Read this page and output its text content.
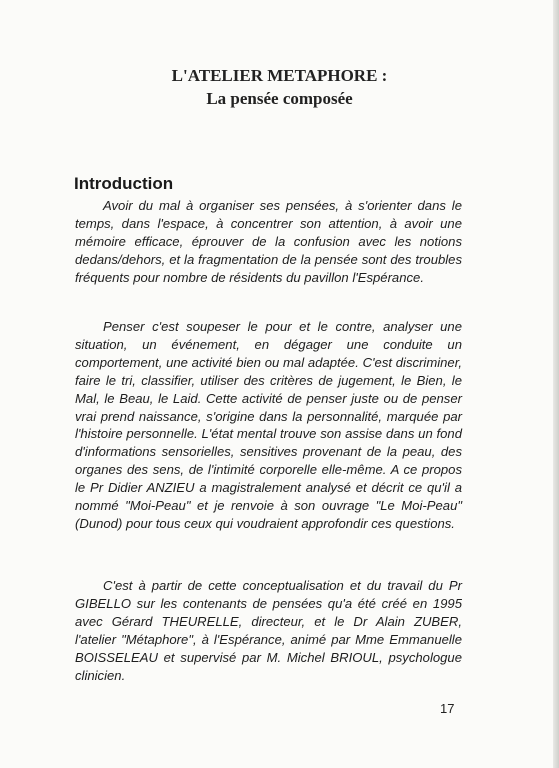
L'ATELIER METAPHORE :
La pensée composée
Introduction

Avoir du mal à organiser ses pensées, à s'orienter dans le temps, dans l'espace, à concentrer son attention, à avoir une mémoire efficace, éprouver de la confusion avec les notions dedans/dehors, et la fragmentation de la pensée sont des troubles fréquents pour nombre de résidents du pavillon l'Espérance.

Penser c'est soupeser le pour et le contre, analyser une situation, un événement, en dégager une conduite un comportement, une activité bien ou mal adaptée. C'est discriminer, faire le tri, classifier, utiliser des critères de jugement, le Bien, le Mal, le Beau, le Laid. Cette activité de penser juste ou de penser vrai prend naissance, s'origine dans la personnalité, marquée par l'histoire personnelle. L'état mental trouve son assise dans un fond d'informations sensorielles, sensitives provenant de la peau, des organes des sens, de l'intimité corporelle elle-même. A ce propos le Pr Didier ANZIEU a magistralement analysé et décrit ce qu'il a nommé "Moi-Peau" et je renvoie à son ouvrage "Le Moi-Peau" (Dunod) pour tous ceux qui voudraient approfondir ces questions.

C'est à partir de cette conceptualisation et du travail du Pr GIBELLO sur les contenants de pensées qu'a été créé en 1995 avec Gérard THEURELLE, directeur, et le Dr Alain ZUBER, l'atelier "Métaphore", à l'Espérance, animé par Mme Emmanuelle BOISSELEAU et supervisé par M. Michel BRIOUL, psychologue clinicien.

17
